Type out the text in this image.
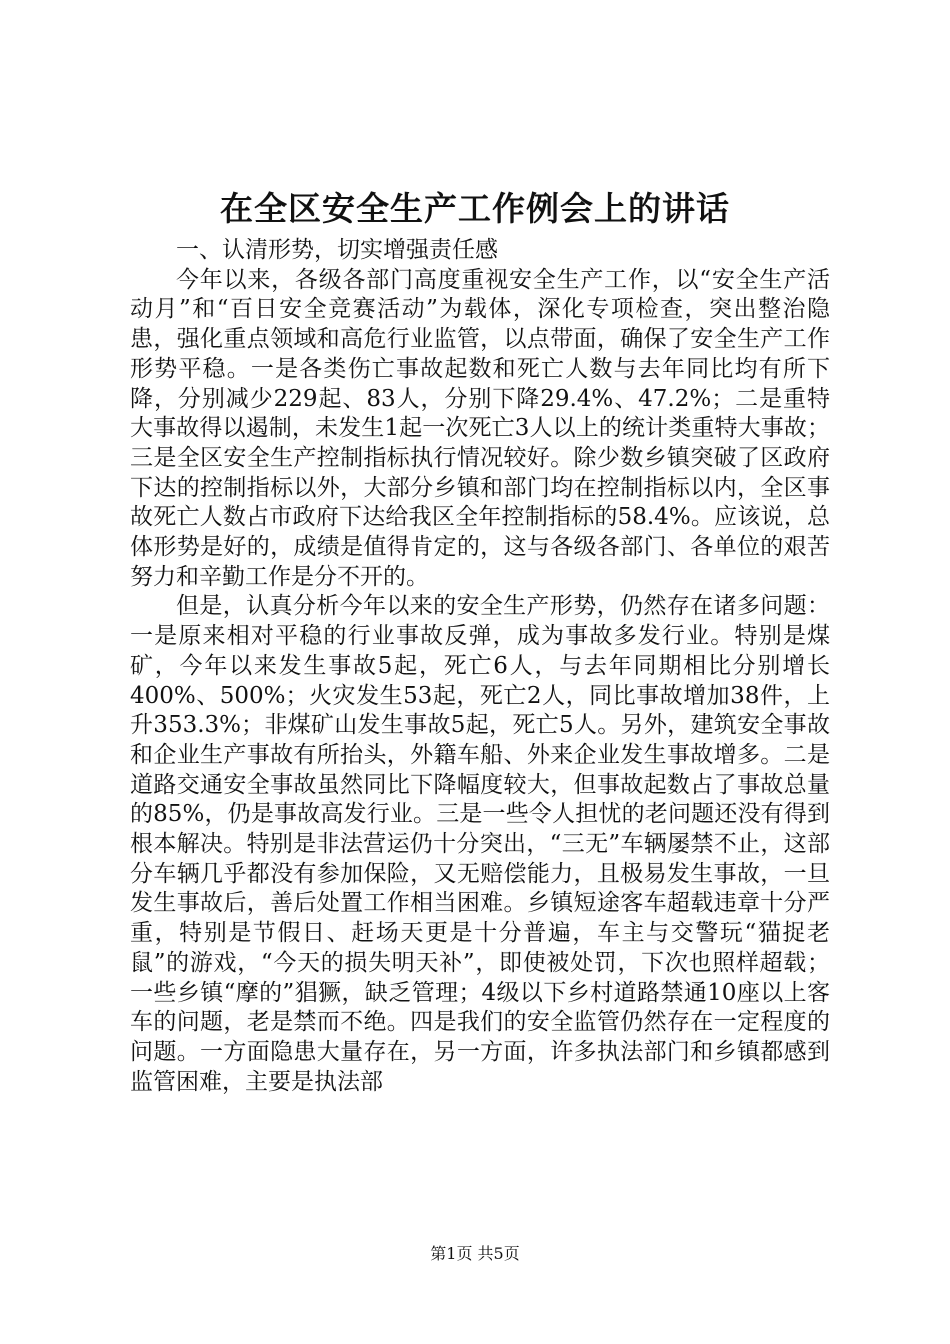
在全区安全生产工作例会上的讲话

一、认清形势，切实增强责任感

今年以来，各级各部门高度重视安全生产工作，以“安全生产活动月”和“百日安全竞赛活动”为载体，深化专项检查，突出整治隐患，强化重点领域和高危行业监管，以点带面，确保了安全生产工作形势平稳。一是各类伤亡事故起数和死亡人数与去年同比均有所下降，分别减少229起、83人，分别下降29.4%、47.2%；二是重特大事故得以遏制，未发生1起一次死亡3人以上的统计类重特大事故；三是全区安全生产控制指标执行情况较好。除少数乡镇突破了区政府下达的控制指标以外，大部分乡镇和部门均在控制指标以内，全区事故死亡人数占市政府下达给我区全年控制指标的58.4%。应该说，总体形势是好的，成绩是值得肯定的，这与各级各部门、各单位的艰苦努力和辛勤工作是分不开的。

但是，认真分析今年以来的安全生产形势，仍然存在诸多问题：一是原来相对平稳的行业事故反弹，成为事故多发行业。特别是煤矿，今年以来发生事故5起，死亡6人，与去年同期相比分别增长400%、500%；火灾发生53起，死亡2人，同比事故增加38件，上升353.3%；非煤矿山发生事故5起，死亡5人。另外，建筑安全事故和企业生产事故有所抬头，外籍车船、外来企业发生事故增多。二是道路交通安全事故虽然同比下降幅度较大，但事故起数占了事故总量的85%，仍是事故高发行业。三是一些令人担忧的老问题还没有得到根本解决。特别是非法营运仍十分突出，“三无”车辆屡禁不止，这部分车辆几乎都没有参加保险，又无赔偿能力，且极易发生事故，一旦发生事故后，善后处置工作相当困难。乡镇短途客车超载违章十分严重，特别是节假日、赶场天更是十分普遍，车主与交警玩“猫捉老鼠”的游戏，“今天的损失明天补”，即使被处罚，下次也照样超载；一些乡镇“摩的”猖獗，缺乏管理；4级以下乡村道路禁通10座以上客车的问题，老是禁而不绝。四是我们的安全监管仍然存在一定程度的问题。一方面隐患大量存在，另一方面，许多执法部门和乡镇都感到监管困难，主要是执法部

第1页 共5页
